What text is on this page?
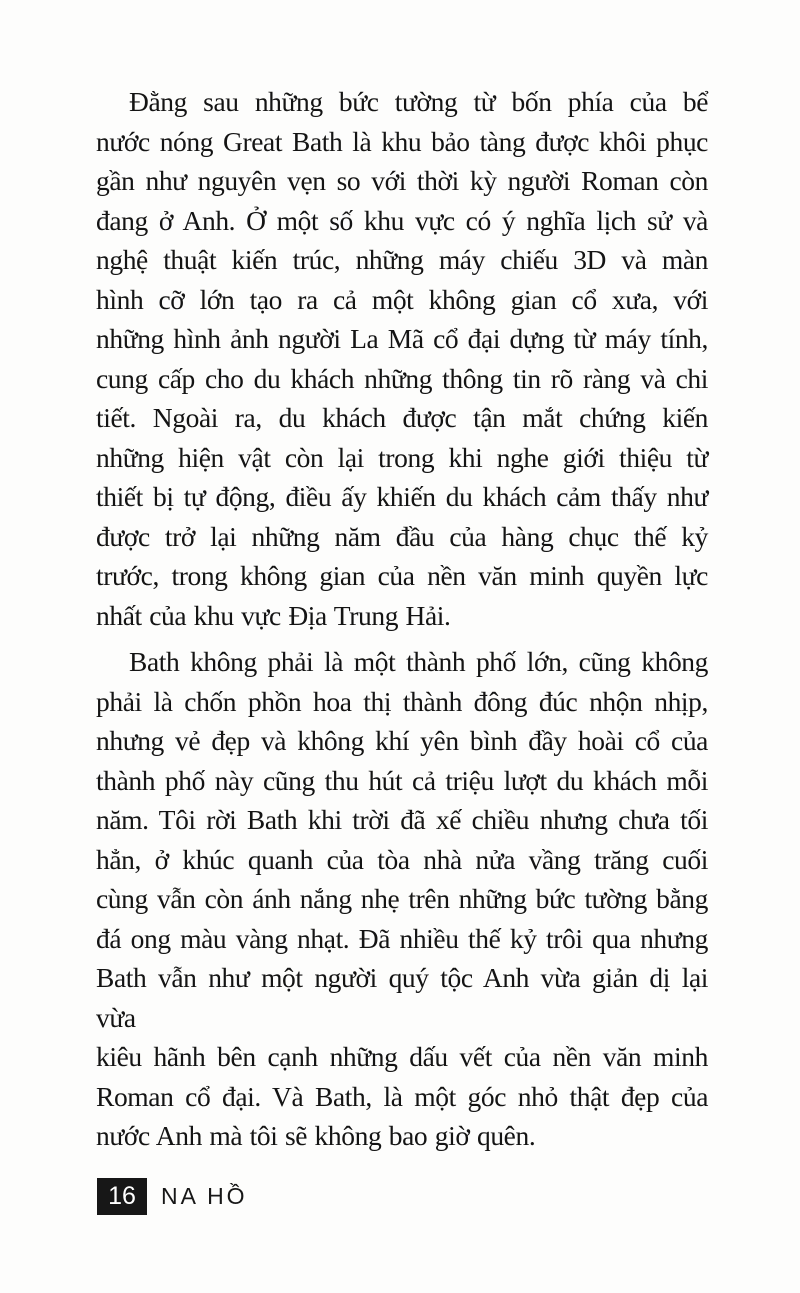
Đằng sau những bức tường từ bốn phía của bể
nước nóng Great Bath là khu bảo tàng được khôi phục
gần như nguyên vẹn so với thời kỳ người Roman còn
đang ở Anh. Ở một số khu vực có ý nghĩa lịch sử và
nghệ thuật kiến trúc, những máy chiếu 3D và màn
hình cỡ lớn tạo ra cả một không gian cổ xưa, với
những hình ảnh người La Mã cổ đại dựng từ máy tính,
cung cấp cho du khách những thông tin rõ ràng và chi
tiết. Ngoài ra, du khách được tận mắt chứng kiến
những hiện vật còn lại trong khi nghe giới thiệu từ
thiết bị tự động, điều ấy khiến du khách cảm thấy như
được trở lại những năm đầu của hàng chục thế kỷ
trước, trong không gian của nền văn minh quyền lực
nhất của khu vực Địa Trung Hải.
Bath không phải là một thành phố lớn, cũng không
phải là chốn phồn hoa thị thành đông đúc nhộn nhịp,
nhưng vẻ đẹp và không khí yên bình đầy hoài cổ của
thành phố này cũng thu hút cả triệu lượt du khách mỗi
năm. Tôi rời Bath khi trời đã xế chiều nhưng chưa tối
hẳn, ở khúc quanh của tòa nhà nửa vầng trăng cuối
cùng vẫn còn ánh nắng nhẹ trên những bức tường bằng
đá ong màu vàng nhạt. Đã nhiều thế kỷ trôi qua nhưng
Bath vẫn như một người quý tộc Anh vừa giản dị lại vừa
kiêu hãnh bên cạnh những dấu vết của nền văn minh
Roman cổ đại. Và Bath, là một góc nhỏ thật đẹp của
nước Anh mà tôi sẽ không bao giờ quên.
16	NA HỒ
